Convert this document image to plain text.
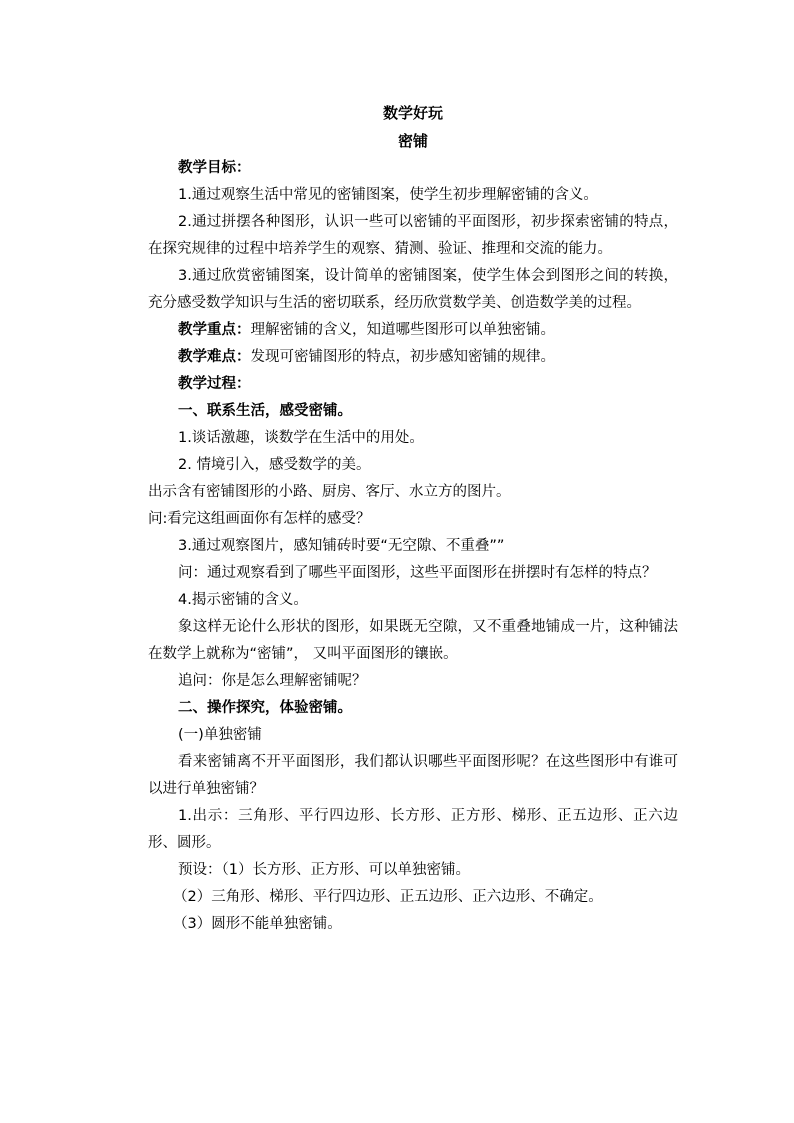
数学好玩
密铺

教学目标：

1.通过观察生活中常见的密铺图案，使学生初步理解密铺的含义。

2.通过拼摆各种图形，认识一些可以密铺的平面图形，初步探索密铺的特点，在探究规律的过程中培养学生的观察、猜测、验证、推理和交流的能力。

3.通过欣赏密铺图案，设计简单的密铺图案，使学生体会到图形之间的转换，充分感受数学知识与生活的密切联系，经历欣赏数学美、创造数学美的过程。

教学重点：理解密铺的含义，知道哪些图形可以单独密铺。

教学难点：发现可密铺图形的特点，初步感知密铺的规律。

教学过程：

一、联系生活，感受密铺。

1.谈话激趣，谈数学在生活中的用处。

2. 情境引入，感受数学的美。

出示含有密铺图形的小路、厨房、客厅、水立方的图片。

问:看完这组画面你有怎样的感受？

3.通过观察图片，感知铺砖时要“无空隙、不重叠””

问：通过观察看到了哪些平面图形，这些平面图形在拼摆时有怎样的特点？

4.揭示密铺的含义。

象这样无论什么形状的图形，如果既无空隙，又不重叠地铺成一片，这种铺法在数学上就称为“密铺”， 又叫平面图形的镶嵌。

追问：你是怎么理解密铺呢？

二、操作探究，体验密铺。

(一)单独密铺

看来密铺离不开平面图形，我们都认识哪些平面图形呢？在这些图形中有谁可以进行单独密铺？

1.出示：三角形、平行四边形、长方形、正方形、梯形、正五边形、正六边形、圆形。

预设：（1）长方形、正方形、可以单独密铺。

（2）三角形、梯形、平行四边形、正五边形、正六边形、不确定。

（3）圆形不能单独密铺。
